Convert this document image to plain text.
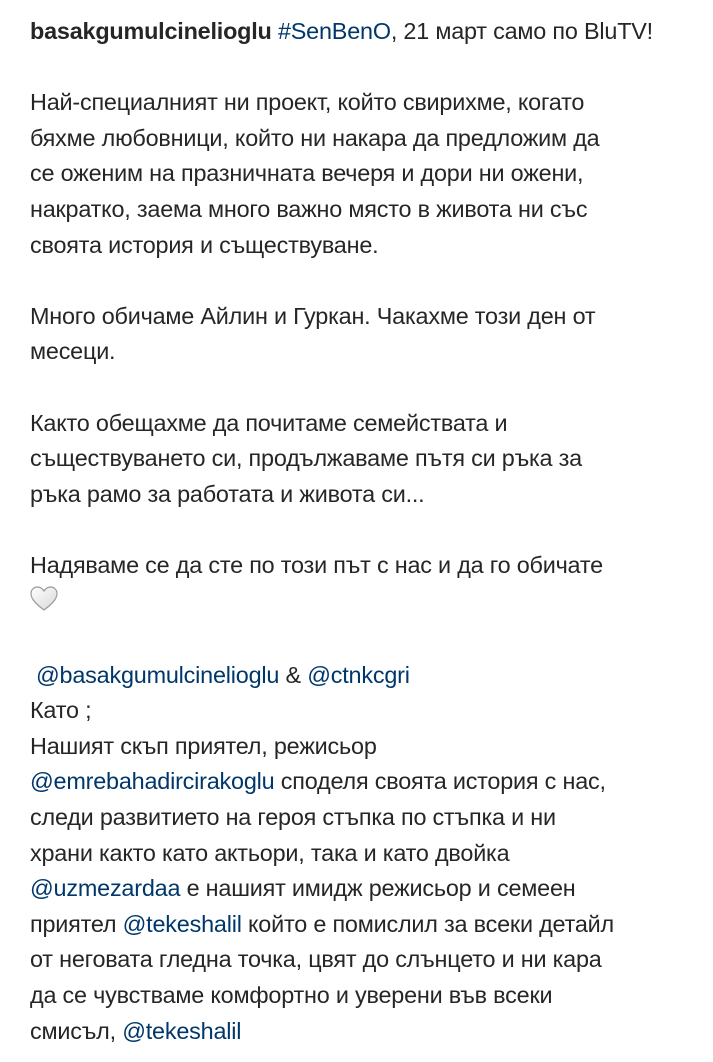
basakgumulcinelioglu #SenBenO, 21 март само по BluTV!
Най-специалният ни проект, който свирихме, когато
бяхме любовници, който ни накара да предложим да
се оженим на празничната вечеря и дори ни ожени,
накратко, заема много важно място в живота ни със
своята история и съществуване.
Много обичаме Айлин и Гуркан. Чакахме този ден от
месеци.
Както обещахме да почитаме семействата и
съществуването си, продължаваме пътя си ръка за
ръка рамо за работата и живота си...
Надяваме се да сте по този път с нас и да го обичате
@basakgumulcinelioglu & @ctnkcgri
Като ;
Нашият скъп приятел, режисьор
@emrebahadircirakoglu споделя своята история с нас,
следи развитието на героя стъпка по стъпка и ни
храни както като актьори, така и като двойка
@uzmezardaa е нашият имидж режисьор и семеен
приятел @tekeshalil който е помислил за всеки детайл
от неговата гледна точка, цвят до слънцето и ни кара
да се чувстваме комфортно и уверени във всеки
смисъл, @tekeshalil
